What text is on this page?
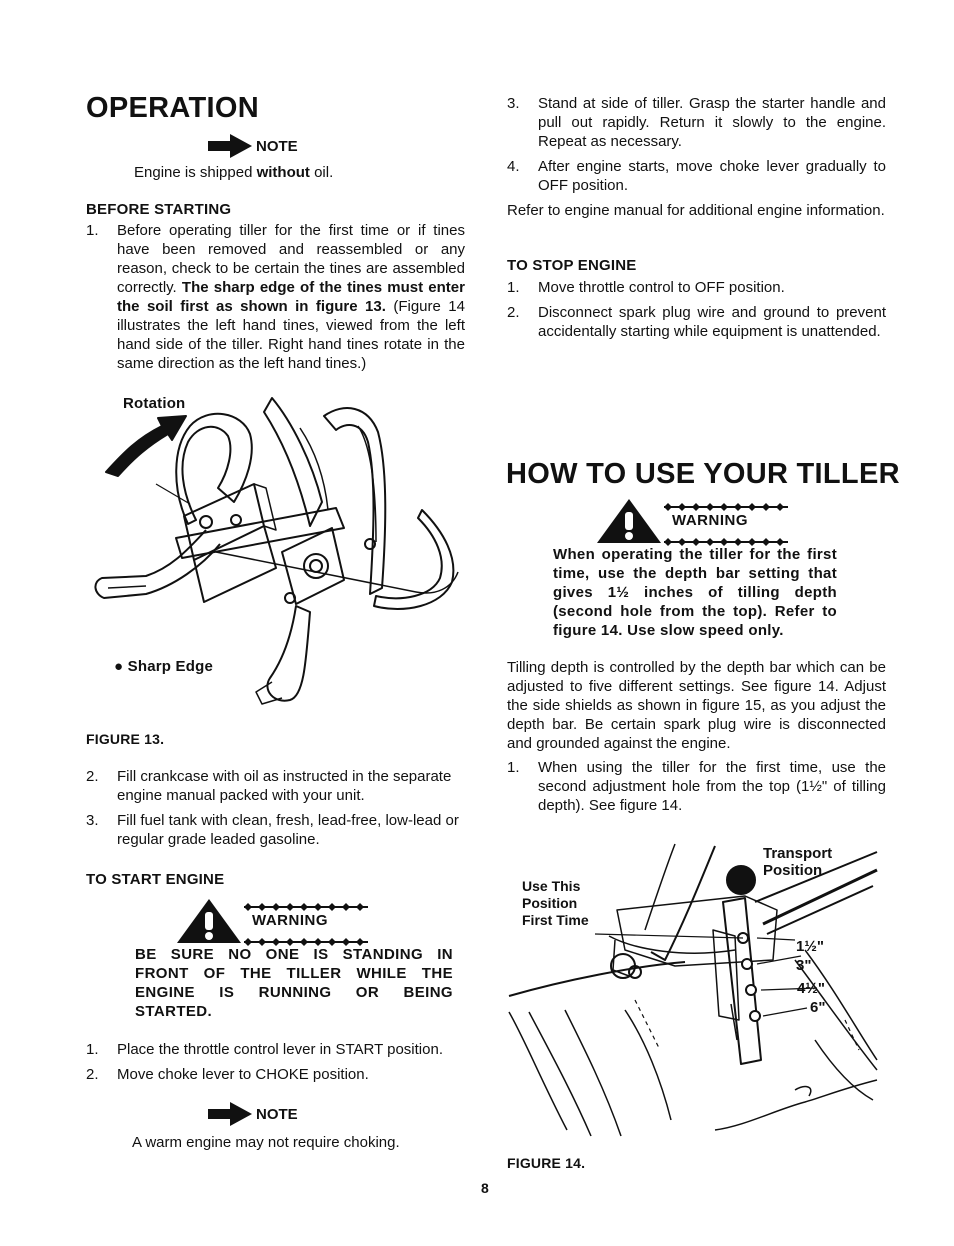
OPERATION
NOTE
Engine is shipped without oil.
BEFORE STARTING
1. Before operating tiller for the first time or if tines have been removed and reassembled or any reason, check to be certain the tines are assembled correctly. The sharp edge of the tines must enter the soil first as shown in figure 13. (Figure 14 illustrates the left hand tines, viewed from the left hand side of the tiller. Right hand tines rotate in the same direction as the left hand tines.)
Rotation
● Sharp Edge
FIGURE 13.
2. Fill crankcase with oil as instructed in the separate engine manual packed with your unit.
3. Fill fuel tank with clean, fresh, lead-free, low-lead or regular grade leaded gasoline.
TO START ENGINE
WARNING
BE SURE NO ONE IS STANDING IN FRONT OF THE TILLER WHILE THE ENGINE IS RUNNING OR BEING STARTED.
1. Place the throttle control lever in START position.
2. Move choke lever to CHOKE position.
NOTE
A warm engine may not require choking.
3. Stand at side of tiller. Grasp the starter handle and pull out rapidly. Return it slowly to the engine. Repeat as necessary.
4. After engine starts, move choke lever gradually to OFF position.
Refer to engine manual for additional engine information.
TO STOP ENGINE
1. Move throttle control to OFF position.
2. Disconnect spark plug wire and ground to prevent accidentally starting while equipment is unattended.
HOW TO USE YOUR TILLER
WARNING
When operating the tiller for the first time, use the depth bar setting that gives 1½ inches of tilling depth (second hole from the top). Refer to figure 14. Use slow speed only.
Tilling depth is controlled by the depth bar which can be adjusted to five different settings. See figure 14. Adjust the side shields as shown in figure 15, as you adjust the depth bar. Be certain spark plug wire is disconnected and grounded against the engine.
1. When using the tiller for the first time, use the second adjustment hole from the top (1½" of tilling depth). See figure 14.
Use This Position First Time
Transport Position
1½"
3"
4½"
6"
FIGURE 14.
8
